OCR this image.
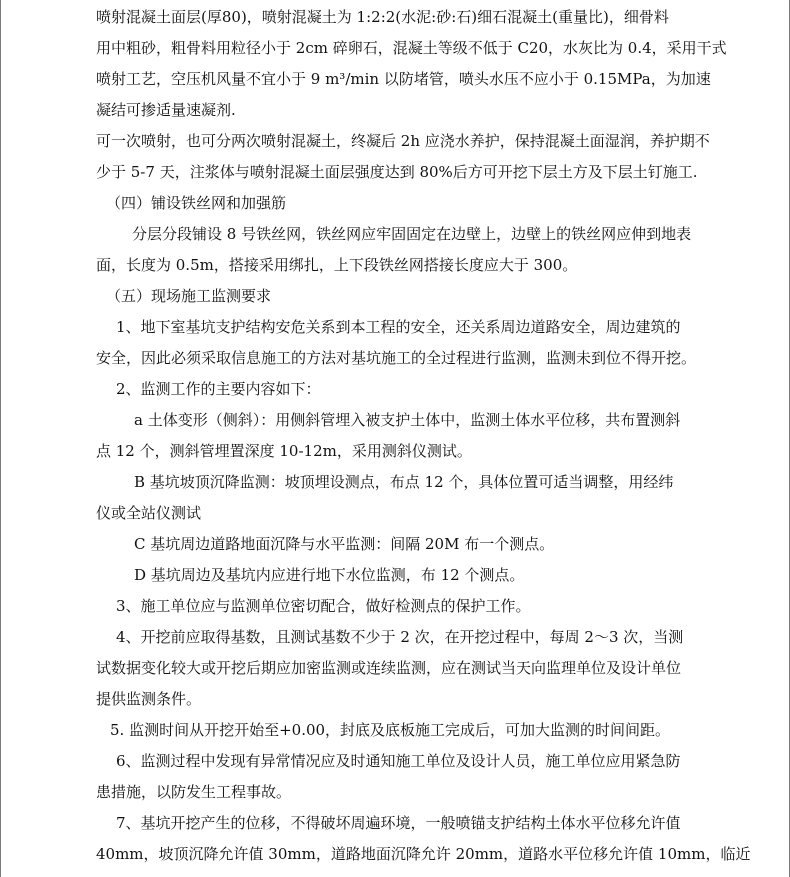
喷射混凝土面层(厚80)，喷射混凝土为 1:2:2(水泥:砂:石)细石混凝土(重量比)，细骨料
用中粗砂，粗骨料用粒径小于 2cm 碎卵石，混凝土等级不低于 C20，水灰比为 0.4，采用干式
喷射工艺，空压机风量不宜小于 9 m³/min 以防堵管，喷头水压不应小于 0.15MPa，为加速
凝结可掺适量速凝剂.
可一次喷射，也可分两次喷射混凝土，终凝后 2h 应浇水养护，保持混凝土面湿润，养护期不
少于 5-7 天，注浆体与喷射混凝土面层强度达到 80%后方可开挖下层土方及下层土钉施工.
（四）铺设铁丝网和加强筋
分层分段铺设 8 号铁丝网，铁丝网应牢固固定在边壁上，边壁上的铁丝网应伸到地表
面，长度为 0.5m，搭接采用绑扎，上下段铁丝网搭接长度应大于 300。
（五）现场施工监测要求
1、地下室基坑支护结构安危关系到本工程的安全，还关系周边道路安全，周边建筑的
安全，因此必须采取信息施工的方法对基坑施工的全过程进行监测，监测未到位不得开挖。
2、监测工作的主要内容如下：
a 土体变形（侧斜）：用侧斜管埋入被支护土体中，监测土体水平位移，共布置测斜
点 12 个，测斜管埋置深度 10-12m，采用测斜仪测试。
B 基坑坡顶沉降监测：坡顶埋设测点，布点 12 个，具体位置可适当调整，用经纬
仪或全站仪测试
C 基坑周边道路地面沉降与水平监测：间隔 20M 布一个测点。
D 基坑周边及基坑内应进行地下水位监测，布 12 个测点。
3、施工单位应与监测单位密切配合，做好检测点的保护工作。
4、开挖前应取得基数，且测试基数不少于 2 次，在开挖过程中，每周 2～3 次，当测
试数据变化较大或开挖后期应加密监测或连续监测，应在测试当天向监理单位及设计单位
提供监测条件。
5. 监测时间从开挖开始至+0.00，封底及底板施工完成后，可加大监测的时间间距。
6、监测过程中发现有异常情况应及时通知施工单位及设计人员，施工单位应用紧急防
患措施，以防发生工程事故。
7、基坑开挖产生的位移，不得破坏周遍环境，一般喷锚支护结构土体水平位移允许值
40mm，坡顶沉降允许值 30mm，道路地面沉降允许 20mm，道路水平位移允许值 10mm，临近
